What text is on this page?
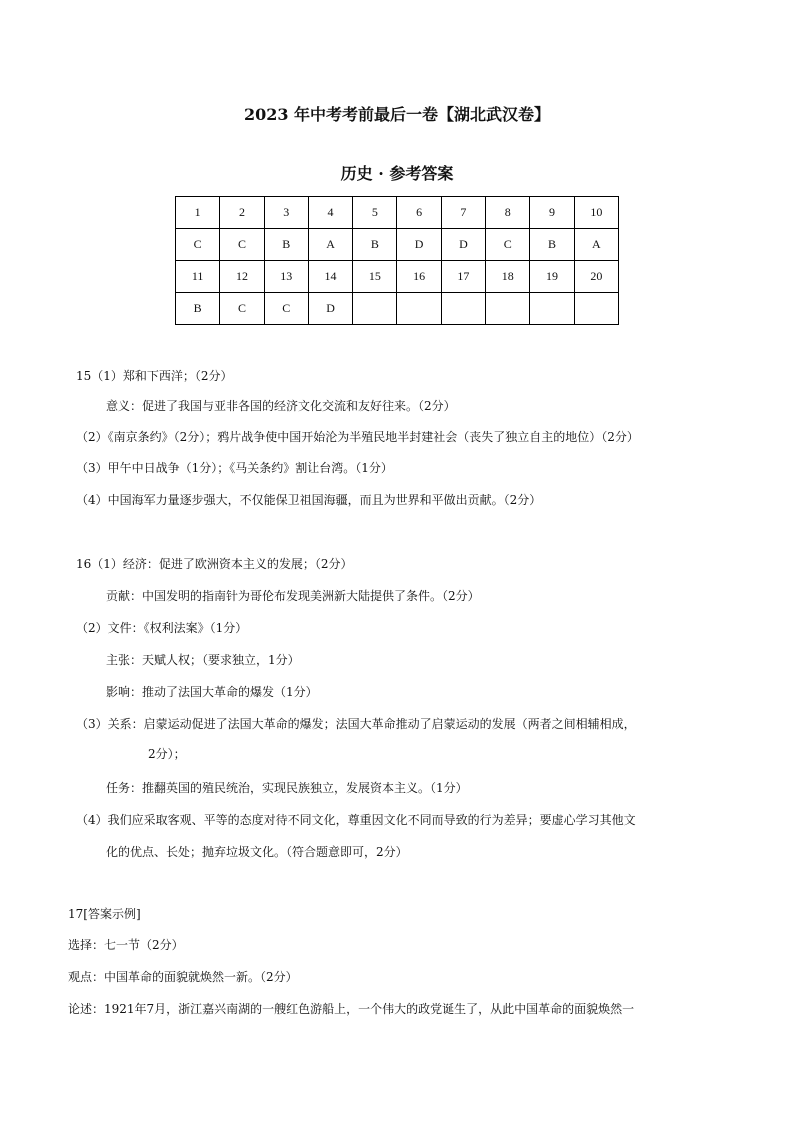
2023 年中考考前最后一卷【湖北武汉卷】
历史 · 参考答案
1	2	3	4	5	6	7	8	9	10
C	C	B	A	B	D	D	C	B	A
11	12	13	14	15	16	17	18	19	20
B	C	C	D						
15（1）郑和下西洋；（2分）
意义：促进了我国与亚非各国的经济文化交流和友好往来。（2分）
（2）《南京条约》（2分）；鸦片战争使中国开始沦为半殖民地半封建社会（丧失了独立自主的地位）（2分）
（3）甲午中日战争（1分）；《马关条约》割让台湾。（1分）
（4）中国海军力量逐步强大，不仅能保卫祖国海疆，而且为世界和平做出贡献。（2分）
16（1）经济：促进了欧洲资本主义的发展；（2分）
贡献：中国发明的指南针为哥伦布发现美洲新大陆提供了条件。（2分）
（2）文件：《权利法案》（1分）
主张：天赋人权；（要求独立，1分）
影响：推动了法国大革命的爆发（1分）
（3）关系：启蒙运动促进了法国大革命的爆发；法国大革命推动了启蒙运动的发展（两者之间相辅相成，
2分）；
任务：推翻英国的殖民统治，实现民族独立，发展资本主义。（1分）
（4）我们应采取客观、平等的态度对待不同文化，尊重因文化不同而导致的行为差异；要虚心学习其他文
化的优点、长处；抛弃垃圾文化。（符合题意即可，2分）
17[答案示例]
选择：七一节（2分）
观点：中国革命的面貌就焕然一新。（2分）
论述：1921年7月，浙江嘉兴南湖的一艘红色游船上，一个伟大的政党诞生了，从此中国革命的面貌焕然一
